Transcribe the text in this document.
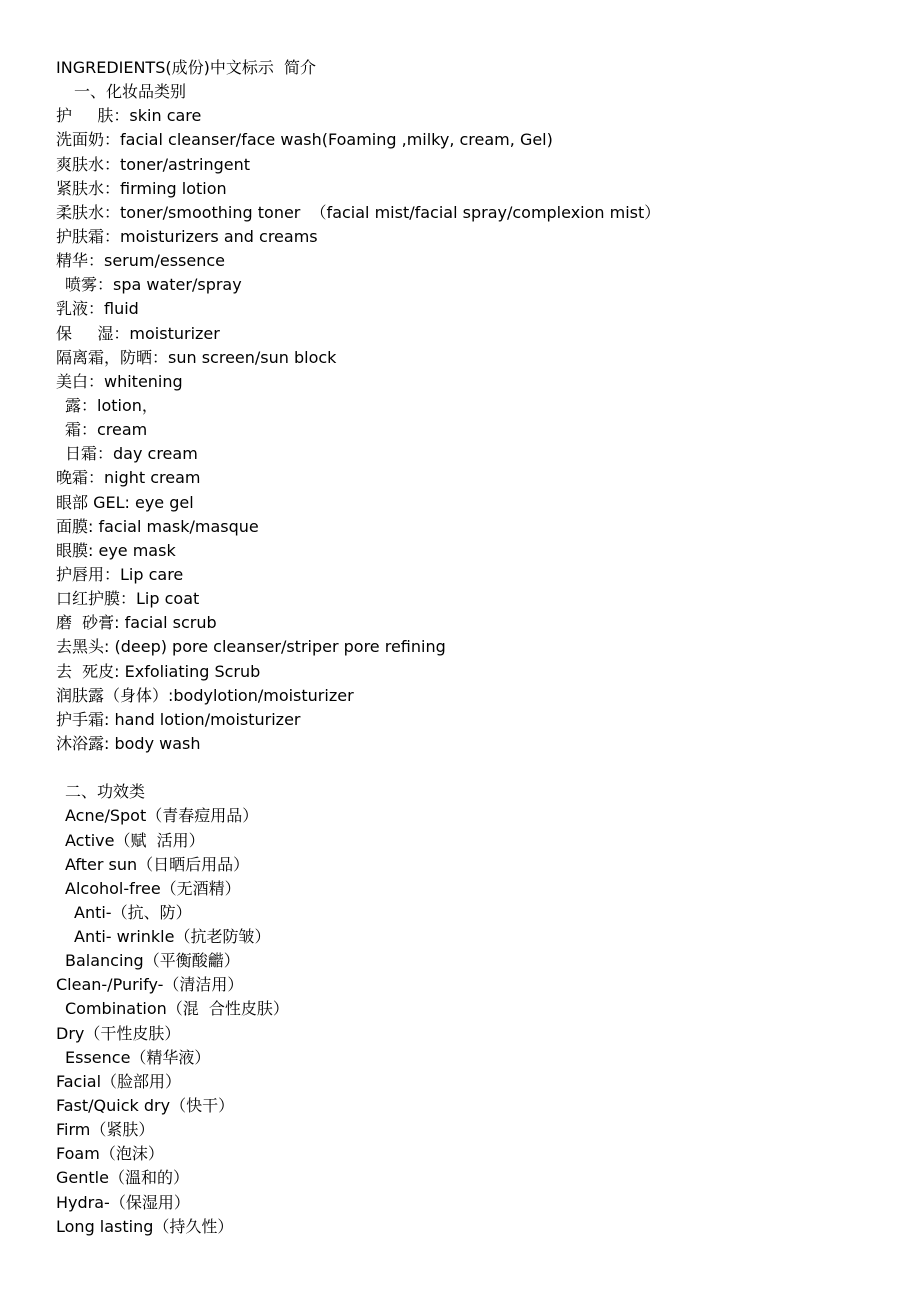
INGREDIENTS(成份)中文标示  简介
一、化妆品类别
护     肤：skin care
洗面奶：facial cleanser/face wash(Foaming ,milky, cream, Gel)
爽肤水：toner/astringent
紧肤水：firming lotion
柔肤水：toner/smoothing toner  （facial mist/facial spray/complexion mist）
护肤霜：moisturizers and creams
精华：serum/essence
喷雾：spa water/spray
乳液：fluid
保     湿：moisturizer
隔离霜，防晒：sun screen/sun block
美白：whitening
露：lotion，
霜：cream
日霜：day cream
晚霜：night cream
眼部 GEL: eye gel
面膜: facial mask/masque
眼膜: eye mask
护唇用：Lip care
口红护膜：Lip coat
磨  砂膏: facial scrub
去黑头: (deep) pore cleanser/striper pore refining
去  死皮: Exfoliating Scrub
润肤露（身体）:bodylotion/moisturizer
护手霜: hand lotion/moisturizer
沐浴露: body wash
二、功效类
Acne/Spot（青春痘用品）
Active（赋  活用）
After sun（日晒后用品）
Alcohol-free（无酒精）
Anti-（抗、防）
Anti- wrinkle（抗老防皱）
Balancing（平衡酸龤）
Clean-/Purify-（清洁用）
Combination（混  合性皮肤）
Dry（干性皮肤）
Essence（精华液）
Facial（脸部用）
Fast/Quick dry（快干）
Firm（紧肤）
Foam（泡沫）
Gentle（溫和的）
Hydra-（保湿用）
Long lasting（持久性）
